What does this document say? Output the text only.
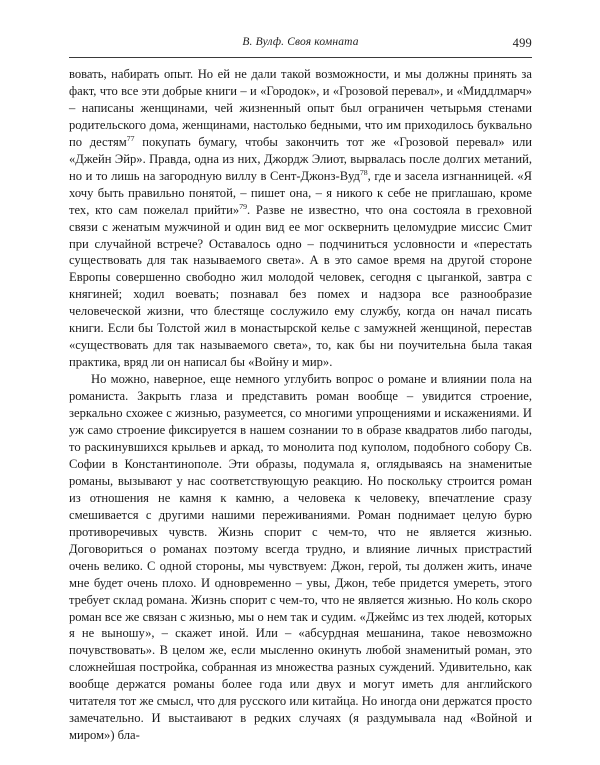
В. Вулф. Своя комната	499

вовать, набирать опыт. Но ей не дали такой возможности, и мы должны принять за факт, что все эти добрые книги – и «Городок», и «Грозовой перевал», и «Миддлмарч» – написаны женщинами, чей жизненный опыт был ограничен четырьмя стенами родительского дома, женщинами, настолько бедными, что им приходилось буквально по дестям$^{77}$ покупать бумагу, чтобы закончить тот же «Грозовой перевал» или «Джейн Эйр». Правда, одна из них, Джордж Элиот, вырвалась после долгих метаний, но и то лишь на загородную виллу в Сент-Джонз-Вуд$^{78}$, где и засела изгнанницей. «Я хочу быть правильно понятой, – пишет она, – я никого к себе не приглашаю, кроме тех, кто сам пожелал прийти»$^{79}$. Разве не известно, что она состояла в греховной связи с женатым мужчиной и один вид ее мог осквернить целомудрие миссис Смит при случайной встрече? Оставалось одно – подчиниться условности и «перестать существовать для так называемого света». А в это самое время на другой стороне Европы совершенно свободно жил молодой человек, сегодня с цыганкой, завтра с княгиней; ходил воевать; познавал без помех и надзора все разнообразие человеческой жизни, что блестяще сослужило ему службу, когда он начал писать книги. Если бы Толстой жил в монастырской келье с замужней женщиной, перестав «существовать для так называемого света», то, как бы ни поучительна была такая практика, вряд ли он написал бы «Войну и мир».

Но можно, наверное, еще немного углубить вопрос о романе и влиянии пола на романиста. Закрыть глаза и представить роман вообще – увидится строение, зеркально схожее с жизнью, разумеется, со многими упрощениями и искажениями. И уж само строение фиксируется в нашем сознании то в образе квадратов либо пагоды, то раскинувшихся крыльев и аркад, то монолита под куполом, подобного собору Св. Софии в Константинополе. Эти образы, подумала я, оглядываясь на знаменитые романы, вызывают у нас соответствующую реакцию. Но поскольку строится роман из отношения не камня к камню, а человека к человеку, впечатление сразу смешивается с другими нашими переживаниями. Роман поднимает целую бурю противоречивых чувств. Жизнь спорит с чем-то, что не является жизнью. Договориться о романах поэтому всегда трудно, и влияние личных пристрастий очень велико. С одной стороны, мы чувствуем: Джон, герой, ты должен жить, иначе мне будет очень плохо. И одновременно – увы, Джон, тебе придется умереть, этого требует склад романа. Жизнь спорит с чем-то, что не является жизнью. Но коль скоро роман все же связан с жизнью, мы о нем так и судим. «Джеймс из тех людей, которых я не выношу», – скажет иной. Или – «абсурдная мешанина, такое невозможно почувствовать». В целом же, если мысленно окинуть любой знаменитый роман, это сложнейшая постройка, собранная из множества разных суждений. Удивительно, как вообще держатся романы более года или двух и могут иметь для английского читателя тот же смысл, что для русского или китайца. Но иногда они держатся просто замечательно. И выстаивают в редких случаях (я раздумывала над «Войной и миром») бла-
